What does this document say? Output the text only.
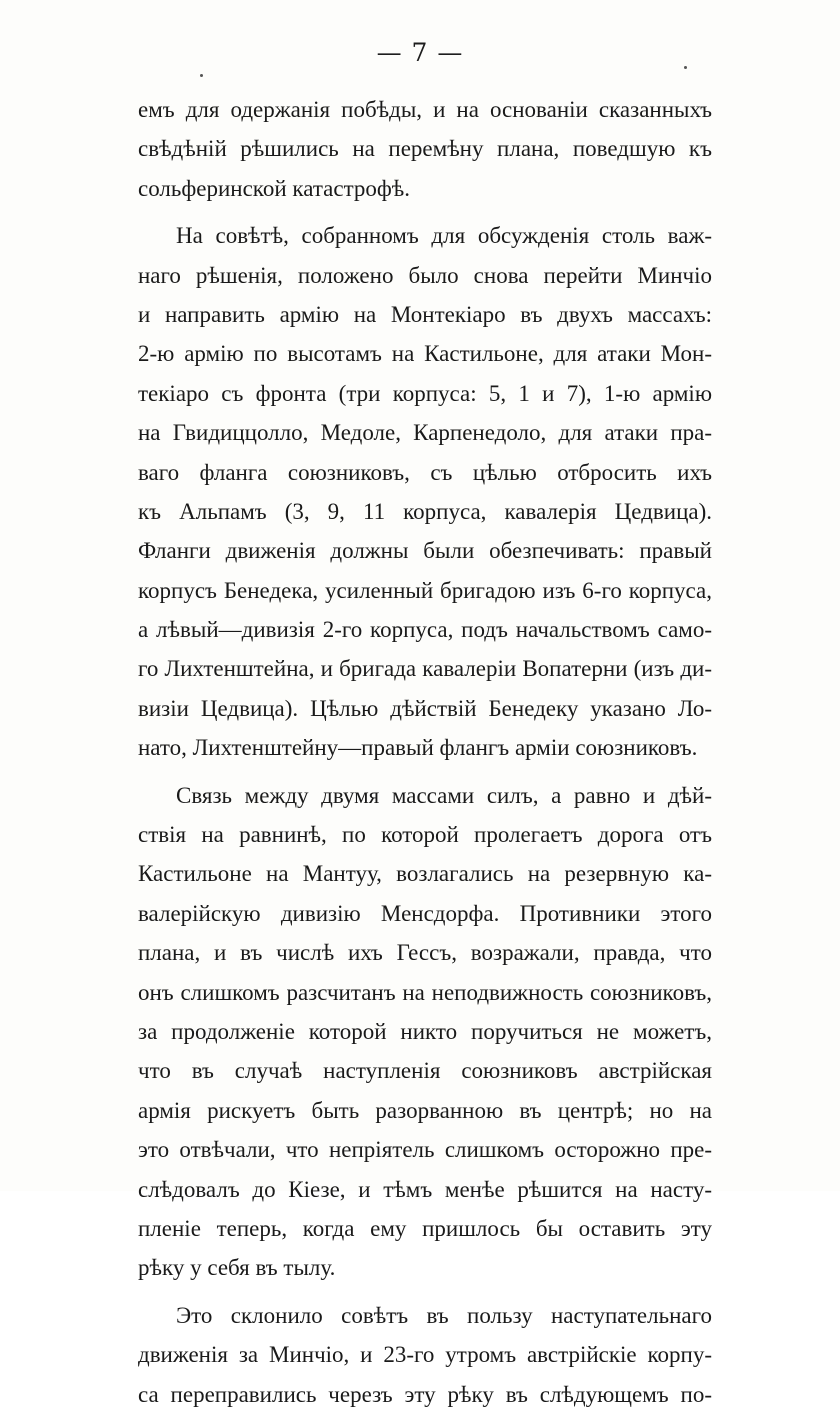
— 7 —
емъ для одержанія побѣды, и на основаніи сказанныхъ
свѣдѣній рѣшились на перемѣну плана, поведшую къ
сольферинской катастрофѣ.
На совѣтѣ, собранномъ для обсужденія столь важ-
наго рѣшенія, положено было снова перейти Минчіо
и направить армію на Монтекіаро въ двухъ массахъ:
2-ю армію по высотамъ на Кастильоне, для атаки Мон-
текіаро съ фронта (три корпуса: 5, 1 и 7), 1-ю армію
на Гвидиццолло, Медоле, Карпенедоло, для атаки пра-
ваго фланга союзниковъ, съ цѣлью отбросить ихъ
къ Альпамъ (3, 9, 11 корпуса, кавалерія Цедвица).
Фланги движенія должны были обезпечивать: правый
корпусъ Бенедека, усиленный бригадою изъ 6-го корпуса,
а лѣвый—дивизія 2-го корпуса, подъ начальствомъ само-
го Лихтенштейна, и бригада кавалеріи Вопатерни (изъ ди-
визіи Цедвица). Цѣлью дѣйствій Бенедеку указано Ло-
нато, Лихтенштейну—правый флангъ арміи союзниковъ.
Связь между двумя массами силъ, а равно и дѣй-
ствія на равнинѣ, по которой пролегаетъ дорога отъ
Кастильоне на Мантуу, возлагались на резервную ка-
валерійскую дивизію Менсдорфа. Противники этого
плана, и въ числѣ ихъ Гессъ, возражали, правда, что
онъ слишкомъ разсчитанъ на неподвижность союзниковъ,
за продолженіе которой никто поручиться не можетъ,
что въ случаѣ наступленія союзниковъ австрійская
армія рискуетъ быть разорванною въ центрѣ; но на
это отвѣчали, что непріятель слишкомъ осторожно пре-
слѣдовалъ до Кіезе, и тѣмъ менѣе рѣшится на насту-
пленіе теперь, когда ему пришлось бы оставить эту
рѣку у себя въ тылу.
Это склонило совѣтъ въ пользу наступательнаго
движенія за Минчіо, и 23-го утромъ австрійскіе корпу-
са переправились черезъ эту рѣку въ слѣдующемъ по-
